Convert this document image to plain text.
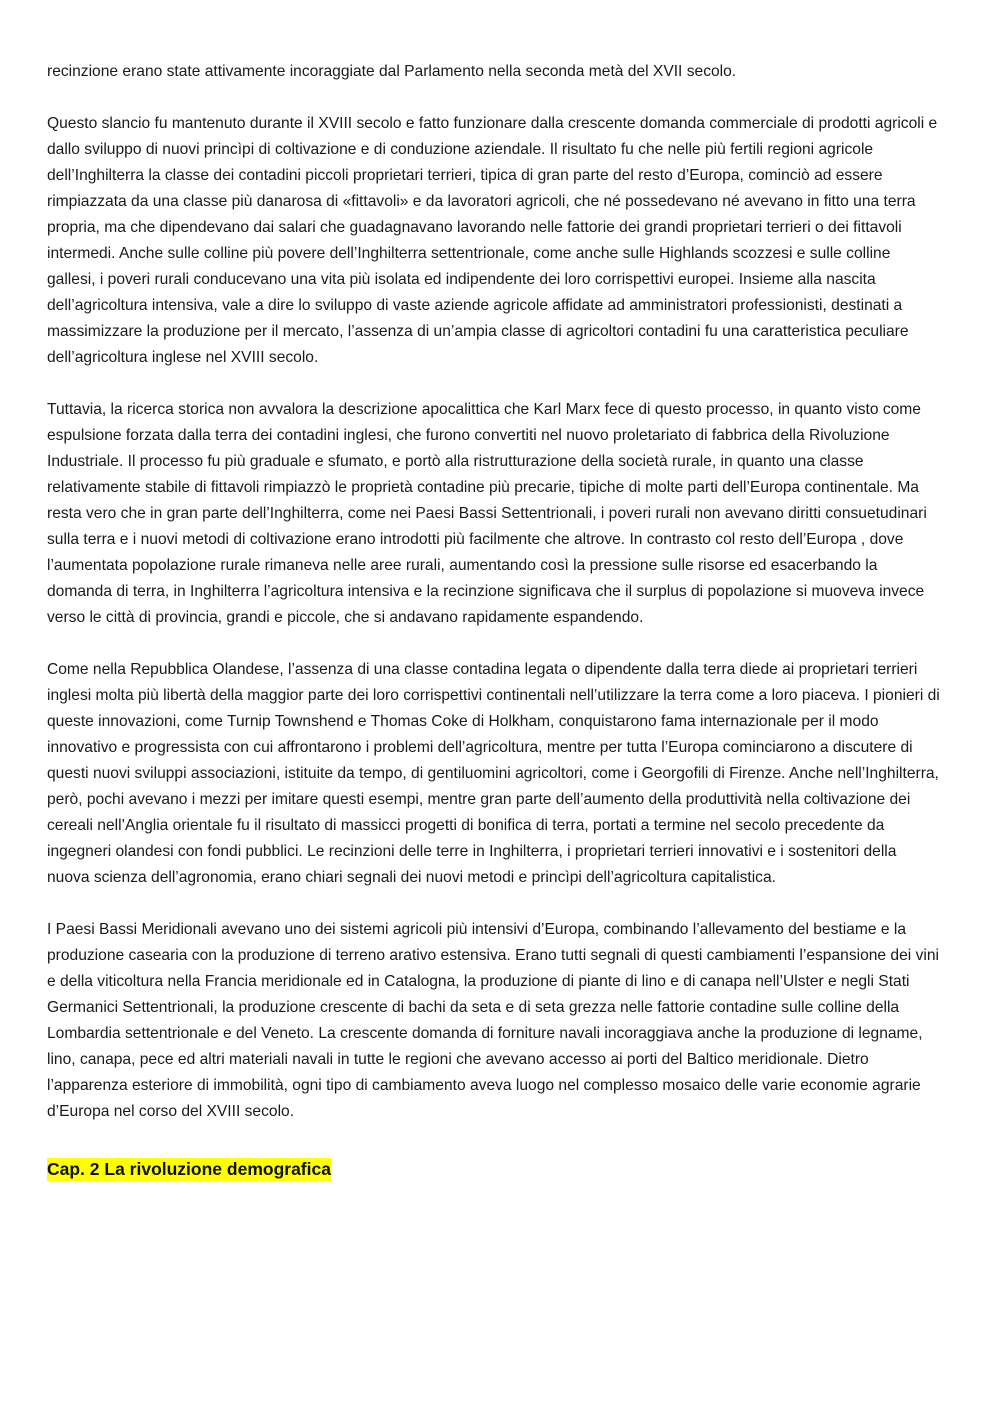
recinzione erano state attivamente incoraggiate dal Parlamento nella seconda metà del XVII secolo.

Questo slancio fu mantenuto durante il XVIII secolo e fatto funzionare dalla crescente domanda commerciale di prodotti agricoli e dallo sviluppo di nuovi princìpi di coltivazione e di conduzione aziendale. Il risultato fu che nelle più fertili regioni agricole dell’Inghilterra la classe dei contadini piccoli proprietari terrieri, tipica di gran parte del resto d’Europa, cominciò ad essere rimpiazzata da una classe più danarosa di «fittavoli» e da lavoratori agricoli, che né possedevano né avevano in fitto una terra propria, ma che dipendevano dai salari che guadagnavano lavorando nelle fattorie dei grandi proprietari terrieri o dei fittavoli intermedi. Anche sulle colline più povere dell’Inghilterra settentrionale, come anche sulle Highlands scozzesi e sulle colline gallesi, i poveri rurali conducevano una vita più isolata ed indipendente dei loro corrispettivi europei. Insieme alla nascita dell’agricoltura intensiva, vale a dire lo sviluppo di vaste aziende agricole affidate ad amministratori professionisti, destinati a massimizzare la produzione per il mercato, l’assenza di un’ampia classe di agricoltori contadini fu una caratteristica peculiare dell’agricoltura inglese nel XVIII secolo.

Tuttavia, la ricerca storica non avvalora la descrizione apocalittica che Karl Marx fece di questo processo, in quanto visto come espulsione forzata dalla terra dei contadini inglesi, che furono convertiti nel nuovo proletariato di fabbrica della Rivoluzione Industriale. Il processo fu più graduale e sfumato, e portò alla ristrutturazione della società rurale, in quanto una classe relativamente stabile di fittavoli rimpiazzò le proprietà contadine più precarie, tipiche di molte parti dell’Europa continentale. Ma resta vero che in gran parte dell’Inghilterra, come nei Paesi Bassi Settentrionali, i poveri rurali non avevano diritti consuetudinari sulla terra e i nuovi metodi di coltivazione erano introdotti più facilmente che altrove. In contrasto col resto dell’Europa , dove l’aumentata popolazione rurale rimaneva nelle aree rurali, aumentando così la pressione sulle risorse ed esacerbando la domanda di terra, in Inghilterra l’agricoltura intensiva e la recinzione significava che il surplus di popolazione si muoveva invece verso le città di provincia, grandi e piccole, che si andavano rapidamente espandendo.

Come nella Repubblica Olandese, l’assenza di una classe contadina legata o dipendente dalla terra diede ai proprietari terrieri inglesi molta più libertà della maggior parte dei loro corrispettivi continentali nell’utilizzare la terra come a loro piaceva. I pionieri di queste innovazioni, come Turnip Townshend e Thomas Coke di Holkham, conquistarono fama internazionale per il modo innovativo e progressista con cui affrontarono i problemi dell’agricoltura, mentre per tutta l’Europa cominciarono a discutere di questi nuovi sviluppi associazioni, istituite da tempo, di gentiluomini agricoltori, come i Georgofili di Firenze. Anche nell’Inghilterra, però, pochi avevano i mezzi per imitare questi esempi, mentre gran parte dell’aumento della produttività nella coltivazione dei cereali nell’Anglia orientale fu il risultato di massicci progetti di bonifica di terra, portati a termine nel secolo precedente da ingegneri olandesi con fondi pubblici. Le recinzioni delle terre in Inghilterra, i proprietari terrieri innovativi e i sostenitori della nuova scienza dell’agronomia, erano chiari segnali dei nuovi metodi e princìpi dell’agricoltura capitalistica.

I Paesi Bassi Meridionali avevano uno dei sistemi agricoli più intensivi d’Europa, combinando l’allevamento del bestiame e la produzione casearia con la produzione di terreno arativo estensiva. Erano tutti segnali di questi cambiamenti l’espansione dei vini e della viticoltura nella Francia meridionale ed in Catalogna, la produzione di piante di lino e di canapa nell’Ulster e negli Stati Germanici Settentrionali, la produzione crescente di bachi da seta e di seta grezza nelle fattorie contadine sulle colline della Lombardia settentrionale e del Veneto. La crescente domanda di forniture navali incoraggiava anche la produzione di legname, lino, canapa, pece ed altri materiali navali in tutte le regioni che avevano accesso ai porti del Baltico meridionale. Dietro l’apparenza esteriore di immobilità, ogni tipo di cambiamento aveva luogo nel complesso mosaico delle varie economie agrarie d’Europa nel corso del XVIII secolo.

Cap. 2 La rivoluzione demografica
